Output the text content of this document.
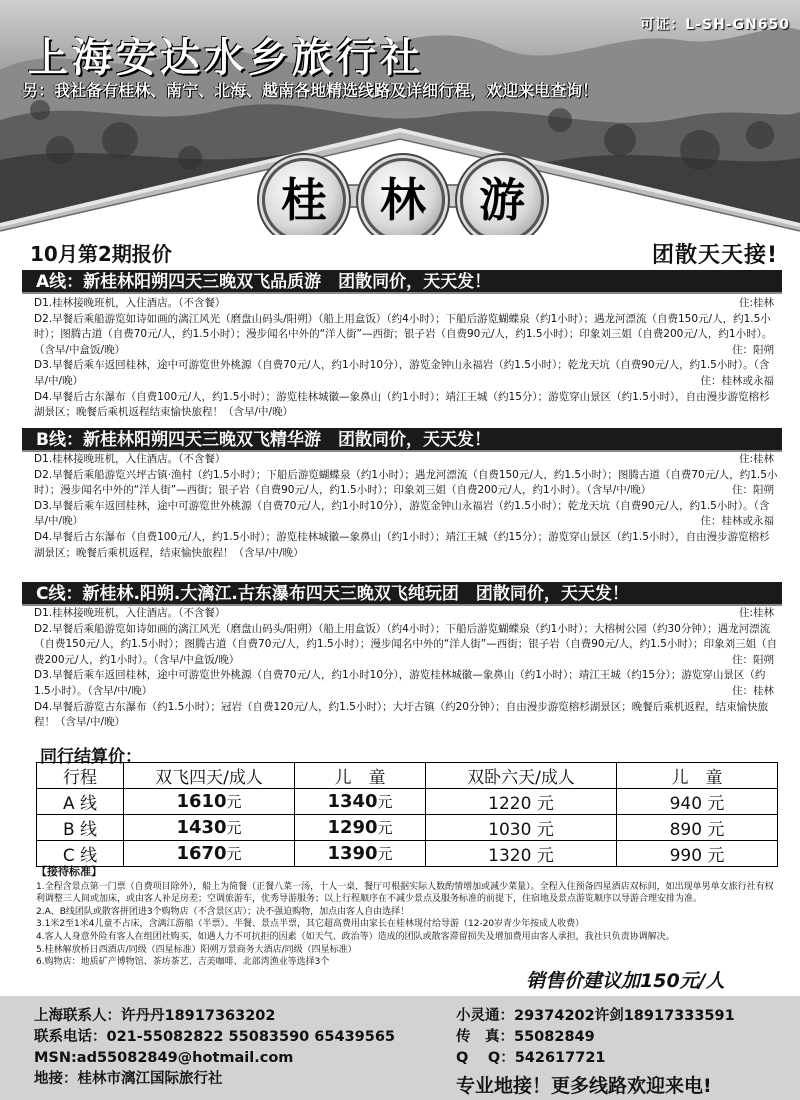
可证：L-SH-GN650
上海安达水乡旅行社
另：我社备有桂林、南宁、北海、越南各地精选线路及详细行程，欢迎来电查询！
桂	林	游
10月第2期报价	团散天天接!
A线：新桂林阳朔四天三晚双飞品质游　团散同价，天天发！

D1.桂林接晚班机，入住酒店。（不含餐）	住:桂林

D2.早餐后乘船游览如诗如画的漓江风光（磨盘山码头/阳朔）（船上用盒饭）（约4小时）；下船后游览蝴蝶泉（约1小时）；遇龙河漂流（自费150元/人，约1.5小时）；图腾古道（自费70元/人，约1.5小时）；漫步闻名中外的“洋人街”—西街；银子岩（自费90元/人，约1.5小时）；印象刘三姐（自费200元/人，约1小时）。（含早/中盒饭/晚）	住：阳朔

D3.早餐后乘车返回桂林，途中可游览世外桃源（自费70元/人，约1小时10分），游览金钟山永福岩（约1.5小时）；乾龙天坑（自费90元/人，约1.5小时）。（含早/中/晚）	住：桂林或永福

D4.早餐后古东瀑布（自费100元/人，约1.5小时）；游览桂林城徽—象鼻山（约1小时）；靖江王城（约15分）；游览穿山景区（约1.5小时），自由漫步游览榕杉湖景区；晚餐后乘机返程结束愉快旅程！（含早/中/晚）

B线：新桂林阳朔四天三晚双飞精华游　团散同价，天天发！

D1.桂林接晚班机，入住酒店。（不含餐）	住:桂林

D2.早餐后乘船游览兴坪古镇·渔村（约1.5小时）；下船后游览蝴蝶泉（约1小时）；遇龙河漂流（自费150元/人，约1.5小时）；图腾古道（自费70元/人，约1.5小时）；漫步闻名中外的“洋人街”—西街；银子岩（自费90元/人，约1.5小时）；印象刘三姐（自费200元/人，约1小时）。（含早/中/晚）	住：阳朔

D3.早餐后乘车返回桂林，途中可游览世外桃源（自费70元/人，约1小时10分），游览金钟山永福岩（约1.5小时）；乾龙天坑（自费90元/人，约1.5小时）。（含早/中/晚）	住：桂林或永福

D4.早餐后古东瀑布（自费100元/人，约1.5小时）；游览桂林城徽—象鼻山（约1小时）；靖江王城（约15分）；游览穿山景区（约1.5小时），自由漫步游览榕杉湖景区；晚餐后乘机返程，结束愉快旅程！（含早/中/晚）

C线：新桂林.阳朔.大漓江.古东瀑布四天三晚双飞纯玩团　团散同价，天天发！

D1.桂林接晚班机，入住酒店。（不含餐）	住:桂林

D2.早餐后乘船游览如诗如画的漓江风光（磨盘山码头/阳朔）（船上用盒饭）（约4小时）；下船后游览蝴蝶泉（约1小时）；大榕树公园（约30分钟）；遇龙河漂流（自费150元/人，约1.5小时）；图腾古道（自费70元/人，约1.5小时）；漫步闻名中外的“洋人街”—西街；银子岩（自费90元/人，约1.5小时）；印象刘三姐（自费200元/人，约1小时）。（含早/中盒饭/晚）	住：阳朔

D3.早餐后乘车返回桂林，途中可游览世外桃源（自费70元/人，约1小时10分），游览桂林城徽—象鼻山（约1小时）；靖江王城（约15分）；游览穿山景区（约1.5小时）。（含早/中/晚）	住：桂林

D4.早餐后游览古东瀑布（约1.5小时）；冠岩（自费120元/人，约1.5小时）；大圩古镇（约20分钟）；自由漫步游览榕杉湖景区；晚餐后乘机返程，结束愉快旅程！（含早/中/晚）

同行结算价：
行程	双飞四天/成人	儿　童	双卧六天/成人	儿　童
A 线	1610元	1340元	1220 元	940 元
B 线	1430元	1290元	1030 元	890 元
C 线	1670元	1390元	1320 元	990 元

【接待标准】

1.全程含景点第一门票（自费项目除外），船上为简餐（正餐八菜一汤，十人一桌，餐厅可根据实际人数酌情增加或减少菜量）。全程入住预备四星酒店双标间，如出现单男单女旅行社有权利调整三人间或加床，或由客人补足房差；空调旅游车，优秀导游服务；以上行程顺序在不减少景点及服务标准的前提下，住宿地及景点游览顺序以导游合理安排为准。

2.A、B线团队或散客拼团进3个购物店（不含景区店）；决不强迫购物，加点由客人自由选择！

3.1米2至1米4儿童不占床，含漓江游船（半票）、半餐、景点半票，其它超高费用由家长在桂林现付给导游（12-20岁青少年按成人收费）

4.客人人身意外险有客人在组团社购买，如遇人力不可抗拒的因素（如天气、政治等）造成的团队或散客滞留损失及增加费用由客人承担，我社只负责协调解决。

5.桂林解放桥日西酒店/同级（四星标准）阳朔万景商务大酒店/同级（四星标准）

6.购物店：地质矿产博物馆、茶坊茶艺、吉美咖啡、北部湾渔业等选择3个

销售价建议加150元/人
上海联系人：许丹丹18917363202
联系电话：021-55082822 55083590 65439565
MSN:ad55082849@hotmail.com
地接：桂林市漓江国际旅行社
小灵通：29374202许剑18917333591
传　真：55082849
Q　 Q：542617721
专业地接！更多线路欢迎来电!
